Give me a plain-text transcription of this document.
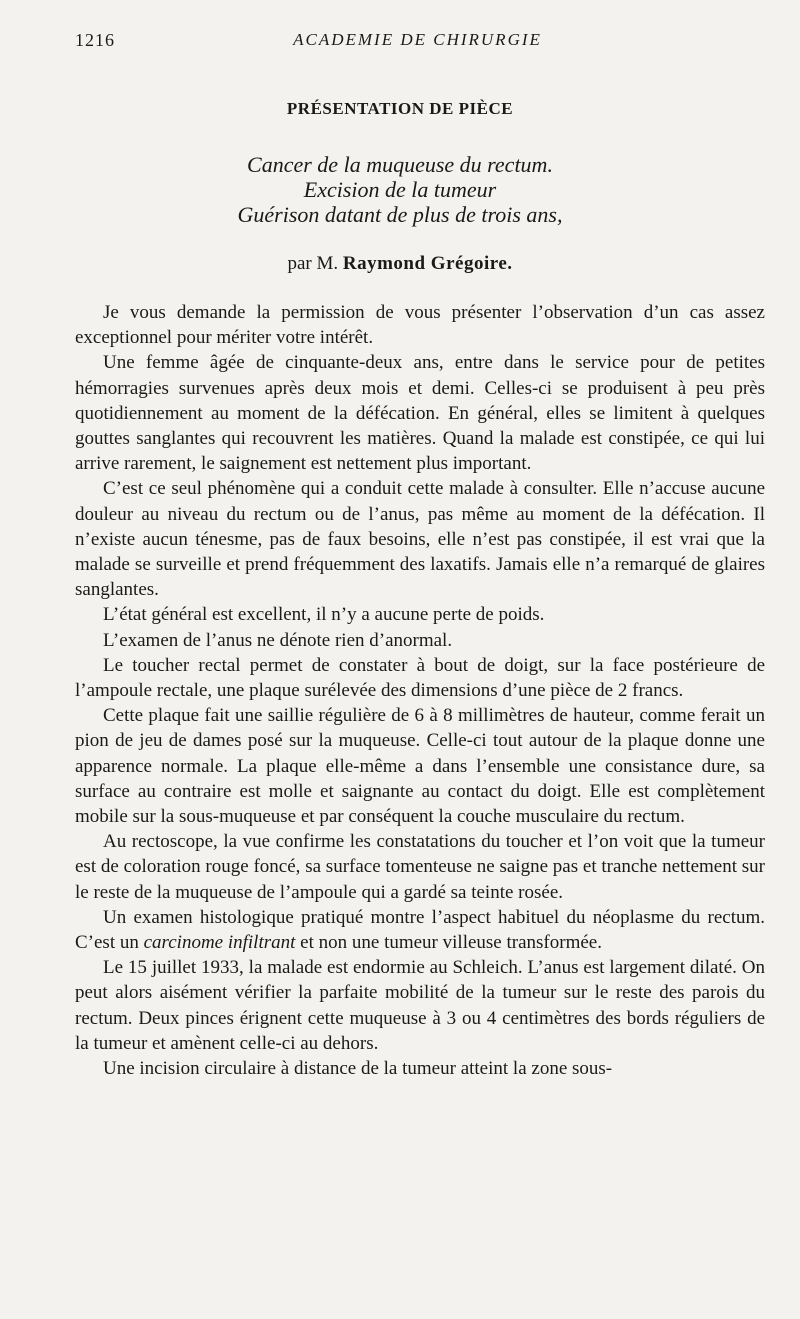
1216	ACADEMIE DE CHIRURGIE
PRÉSENTATION DE PIÈCE
Cancer de la muqueuse du rectum.
Excision de la tumeur
Guérison datant de plus de trois ans,
par M. Raymond Grégoire.

Je vous demande la permission de vous présenter l’observation d’un cas assez exceptionnel pour mériter votre intérêt.

Une femme âgée de cinquante-deux ans, entre dans le service pour de petites hémorragies survenues après deux mois et demi. Celles-ci se produisent à peu près quotidiennement au moment de la défécation. En général, elles se limitent à quelques gouttes sanglantes qui recouvrent les matières. Quand la malade est constipée, ce qui lui arrive rarement, le saignement est nettement plus important.

C’est ce seul phénomène qui a conduit cette malade à consulter. Elle n’accuse aucune douleur au niveau du rectum ou de l’anus, pas même au moment de la défécation. Il n’existe aucun ténesme, pas de faux besoins, elle n’est pas constipée, il est vrai que la malade se surveille et prend fréquemment des laxatifs. Jamais elle n’a remarqué de glaires sanglantes.

L’état général est excellent, il n’y a aucune perte de poids.

L’examen de l’anus ne dénote rien d’anormal.

Le toucher rectal permet de constater à bout de doigt, sur la face postérieure de l’ampoule rectale, une plaque surélevée des dimensions d’une pièce de 2 francs.

Cette plaque fait une saillie régulière de 6 à 8 millimètres de hauteur, comme ferait un pion de jeu de dames posé sur la muqueuse. Celle-ci tout autour de la plaque donne une apparence normale. La plaque elle-même a dans l’ensemble une consistance dure, sa surface au contraire est molle et saignante au contact du doigt. Elle est complètement mobile sur la sous-muqueuse et par conséquent la couche musculaire du rectum.

Au rectoscope, la vue confirme les constatations du toucher et l’on voit que la tumeur est de coloration rouge foncé, sa surface tomenteuse ne saigne pas et tranche nettement sur le reste de la muqueuse de l’ampoule qui a gardé sa teinte rosée.

Un examen histologique pratiqué montre l’aspect habituel du néoplasme du rectum. C’est un carcinome infiltrant et non une tumeur villeuse transformée.

Le 15 juillet 1933, la malade est endormie au Schleich. L’anus est largement dilaté. On peut alors aisément vérifier la parfaite mobilité de la tumeur sur le reste des parois du rectum. Deux pinces érignent cette muqueuse à 3 ou 4 centimètres des bords réguliers de la tumeur et amènent celle-ci au dehors.

Une incision circulaire à distance de la tumeur atteint la zone sous-
